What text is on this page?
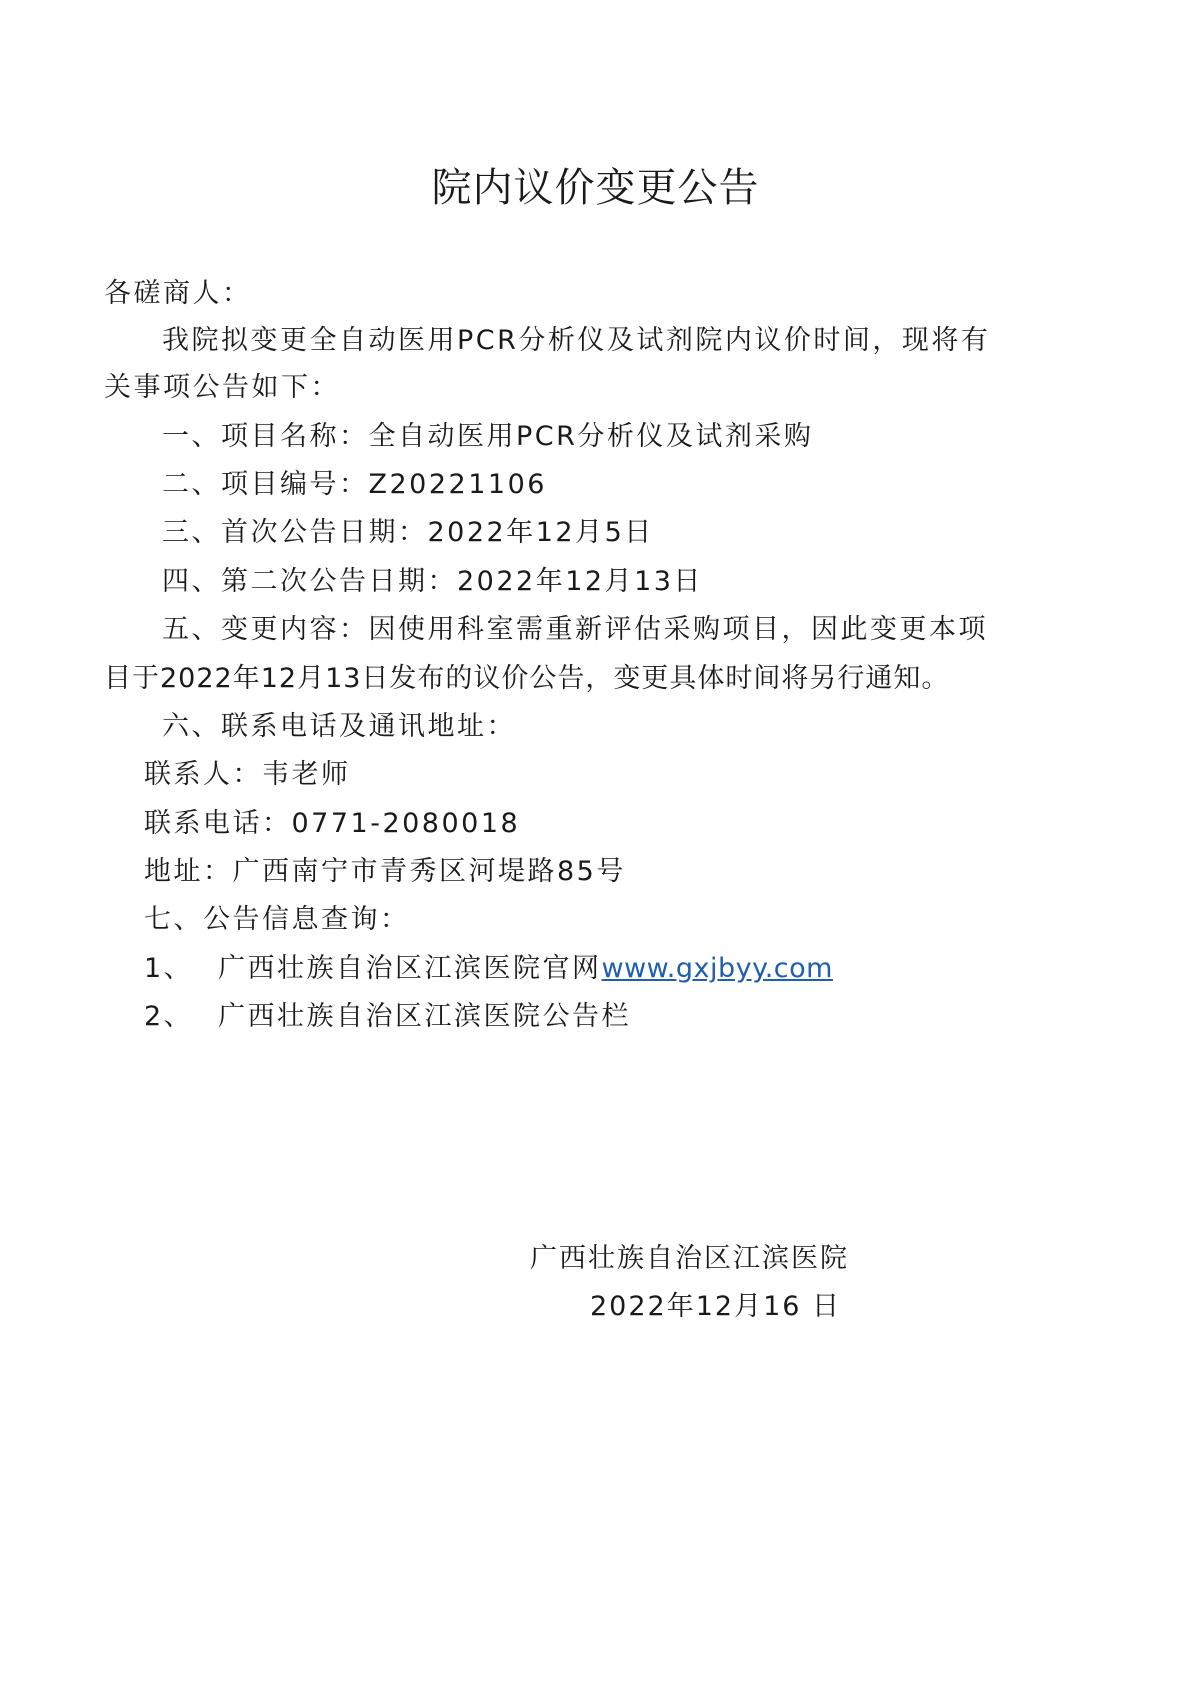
院内议价变更公告
各磋商人：
我院拟变更全自动医用PCR分析仪及试剂院内议价时间，现将有
关事项公告如下：
一、项目名称：全自动医用PCR分析仪及试剂采购
二、项目编号：Z20221106
三、首次公告日期：2022年12月5日
四、第二次公告日期：2022年12月13日
五、变更内容：因使用科室需重新评估采购项目，因此变更本项
目于2022年12月13日发布的议价公告，变更具体时间将另行通知。
六、联系电话及通讯地址：
联系人：韦老师
联系电话：0771-2080018
地址：广西南宁市青秀区河堤路85号
七、公告信息查询：
1、 广西壮族自治区江滨医院官网www.gxjbyy.com
2、 广西壮族自治区江滨医院公告栏
广西壮族自治区江滨医院
2022年12月16 日
